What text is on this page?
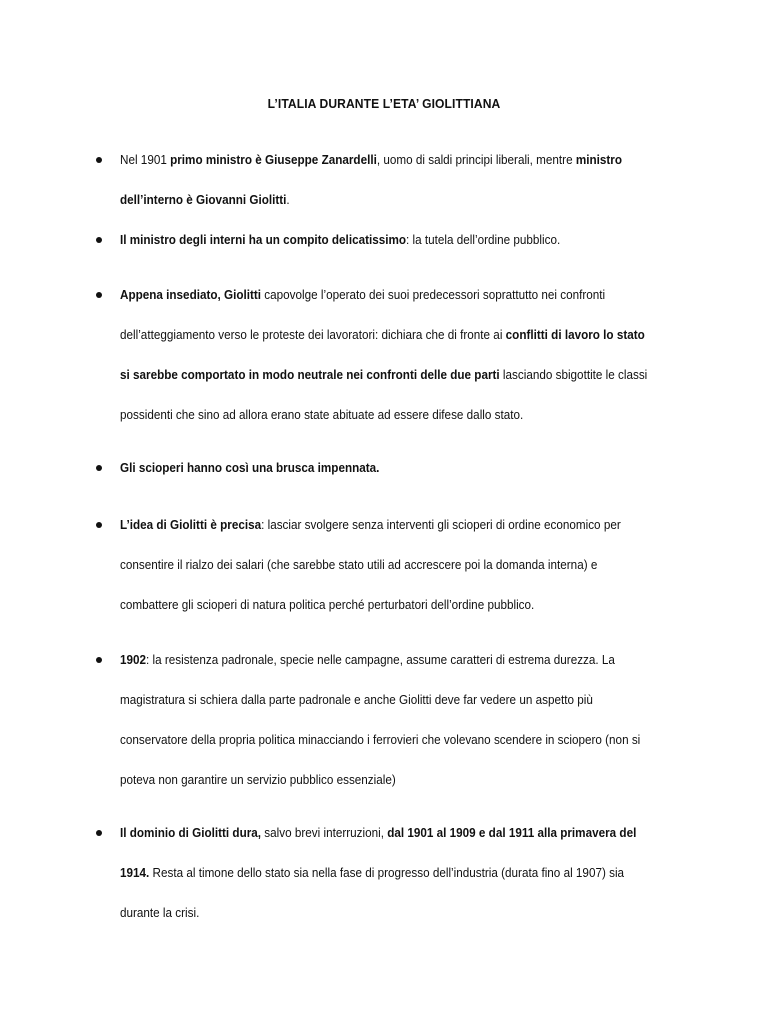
L’ITALIA DURANTE L’ETA’ GIOLITTIANA
Nel 1901 primo ministro è Giuseppe Zanardelli, uomo di saldi principi liberali, mentre ministro
dell’interno è Giovanni Giolitti.
Il ministro degli interni ha un compito delicatissimo: la tutela dell’ordine pubblico.
Appena insediato, Giolitti capovolge l’operato dei suoi predecessori soprattutto nei confronti
dell’atteggiamento verso le proteste dei lavoratori: dichiara che di fronte ai conflitti di lavoro lo stato
si sarebbe comportato in modo neutrale nei confronti delle due parti lasciando sbigottite le classi
possidenti che sino ad allora erano state abituate ad essere difese dallo stato.
Gli scioperi hanno così una brusca impennata.
L’idea di Giolitti è precisa: lasciar svolgere senza interventi gli scioperi di ordine economico per
consentire il rialzo dei salari (che sarebbe stato utili ad accrescere poi la domanda interna) e
combattere gli scioperi di natura politica perché perturbatori dell’ordine pubblico.
1902: la resistenza padronale, specie nelle campagne, assume caratteri di estrema durezza. La
magistratura si schiera dalla parte padronale e anche Giolitti deve far vedere un aspetto più
conservatore della propria politica minacciando i ferrovieri che volevano scendere in sciopero (non si
poteva non garantire un servizio pubblico essenziale)
Il dominio di Giolitti dura, salvo brevi interruzioni, dal 1901 al 1909 e dal 1911 alla primavera del
1914. Resta al timone dello stato sia nella fase di progresso dell’industria (durata fino al 1907) sia
durante la crisi.
